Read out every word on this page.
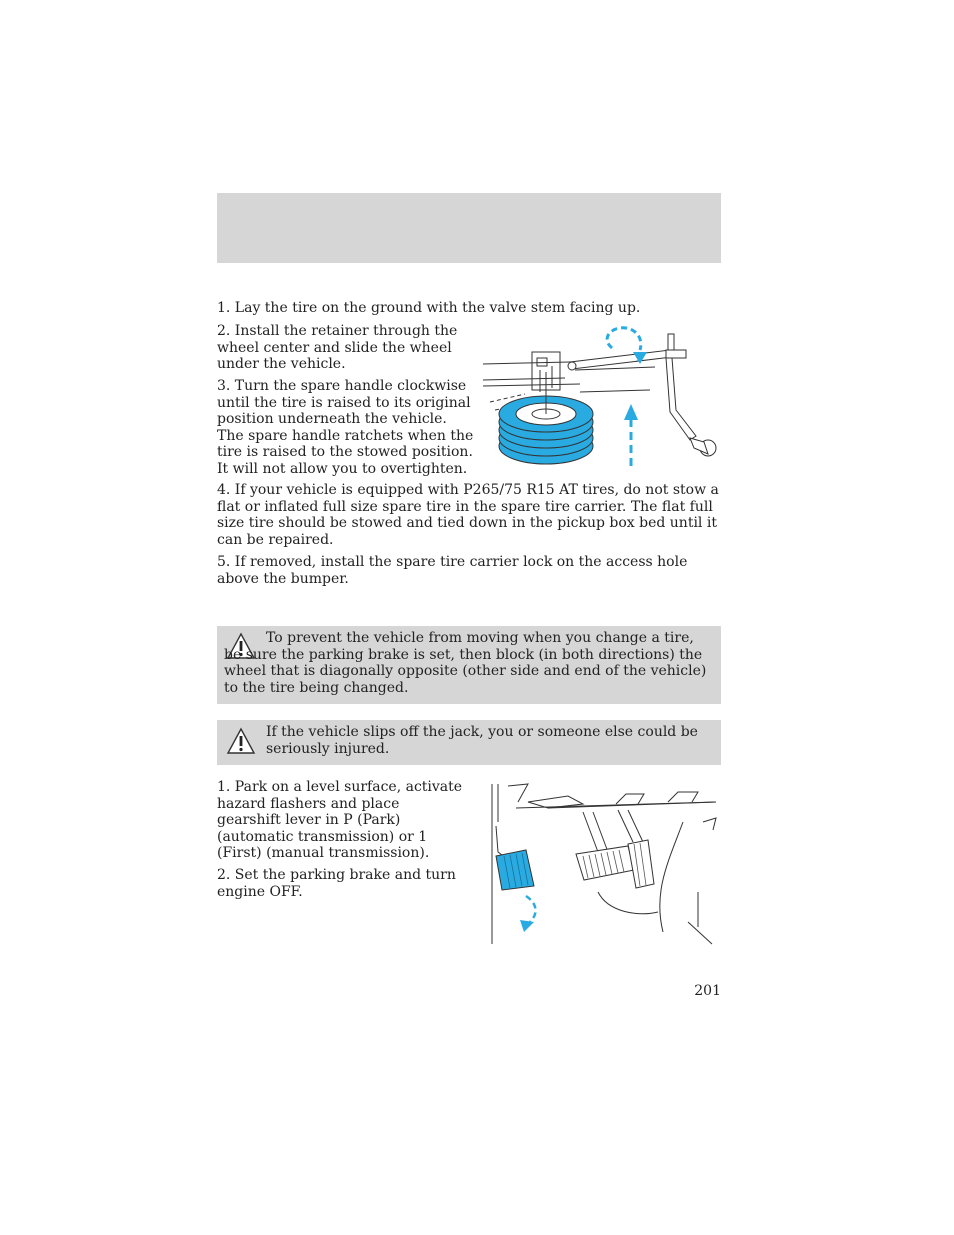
1. Lay the tire on the ground with the valve stem facing up.

2. Install the retainer through the wheel center and slide the wheel under the vehicle.

3. Turn the spare handle clockwise until the tire is raised to its original position underneath the vehicle. The spare handle ratchets when the tire is raised to the stowed position. It will not allow you to overtighten.

4. If your vehicle is equipped with P265/75 R15 AT tires, do not stow a flat or inflated full size spare tire in the spare tire carrier. The flat full size tire should be stowed and tied down in the pickup box bed until it can be repaired.

5. If removed, install the spare tire carrier lock on the access hole above the bumper.

To prevent the vehicle from moving when you change a tire, be sure the parking brake is set, then block (in both directions) the wheel that is diagonally opposite (other side and end of the vehicle) to the tire being changed.

If the vehicle slips off the jack, you or someone else could be seriously injured.

1. Park on a level surface, activate hazard flashers and place gearshift lever in P (Park) (automatic transmission) or 1 (First) (manual transmission).

2. Set the parking brake and turn engine OFF.

201
